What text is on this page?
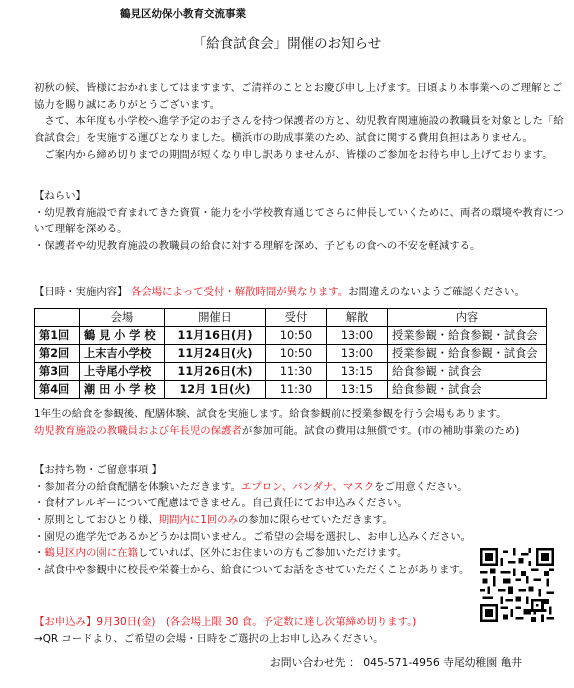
鶴見区幼保小教育交流事業
「給食試食会」開催のお知らせ

初秋の候、皆様におかれましてはますます、ご清祥のこととお慶び申し上げます。日頃より本事業へのご理解とご協力を賜り誠にありがとうございます。

さて、本年度も小学校へ進学予定のお子さんを持つ保護者の方と、幼児教育関連施設の教職員を対象とした「給食試食会」を実施する運びとなりました。横浜市の助成事業のため、試食に関する費用負担はありません。

ご案内から締め切りまでの期間が短くなり申し訳ありませんが、皆様のご参加をお待ち申し上げております。

【ねらい】

・幼児教育施設で育まれてきた資質・能力を小学校教育通じてさらに伸長していくために、両者の環境や教育について理解を深める。

・保護者や幼児教育施設の教職員の給食に対する理解を深め、子どもの食への不安を軽減する。

【日時・実施内容】 各会場によって受付・解散時間が異なります。お間違えのないようご確認ください。

	会場	開催日	受付	解散	内容
第1回	鶴 見 小 学 校	11月16日(月)	10:50	13:00	授業参観・給食参観・試食会
第2回	上末吉小学校	11月24日(火)	10:50	13:00	授業参観・給食参観・試食会
第3回	上寺尾小学校	11月26日(木)	11:30	13:15	給食参観・試食会
第4回	潮 田 小 学 校	12月 1日(火)	11:30	13:15	給食参観・試食会

1年生の給食を参観後、配膳体験、試食を実施します。給食参観前に授業参観を行う会場もあります。

幼児教育施設の教職員および年長児の保護者が参加可能。試食の費用は無償です。(市の補助事業のため)

【お持ち物・ご留意事項 】

・参加者分の給食配膳を体験いただきます。エプロン、バンダナ、マスクをご用意ください。

・食材アレルギーについて配慮はできません。自己責任にてお申込みください。

・原則としておひとり様、期間内に1回のみの参加に限らせていただきます。

・園児の進学先であるかどうかは問いません。ご希望の会場を選択し、お申し込みください。

・鶴見区内の園に在籍していれば、区外にお住まいの方もご参加いただけます。

・試食中や参観中に校長や栄養士から、給食についてお話をさせていただくことがあります。

【お申込み】9月30日(金)　(各会場上限 30 食。予定数に達し次第締め切ります。)

→QR コードより、ご希望の会場・日時をご選択の上お申し込みください。

お問い合わせ先 ： 045-571-4956 寺尾幼稚園 亀井
